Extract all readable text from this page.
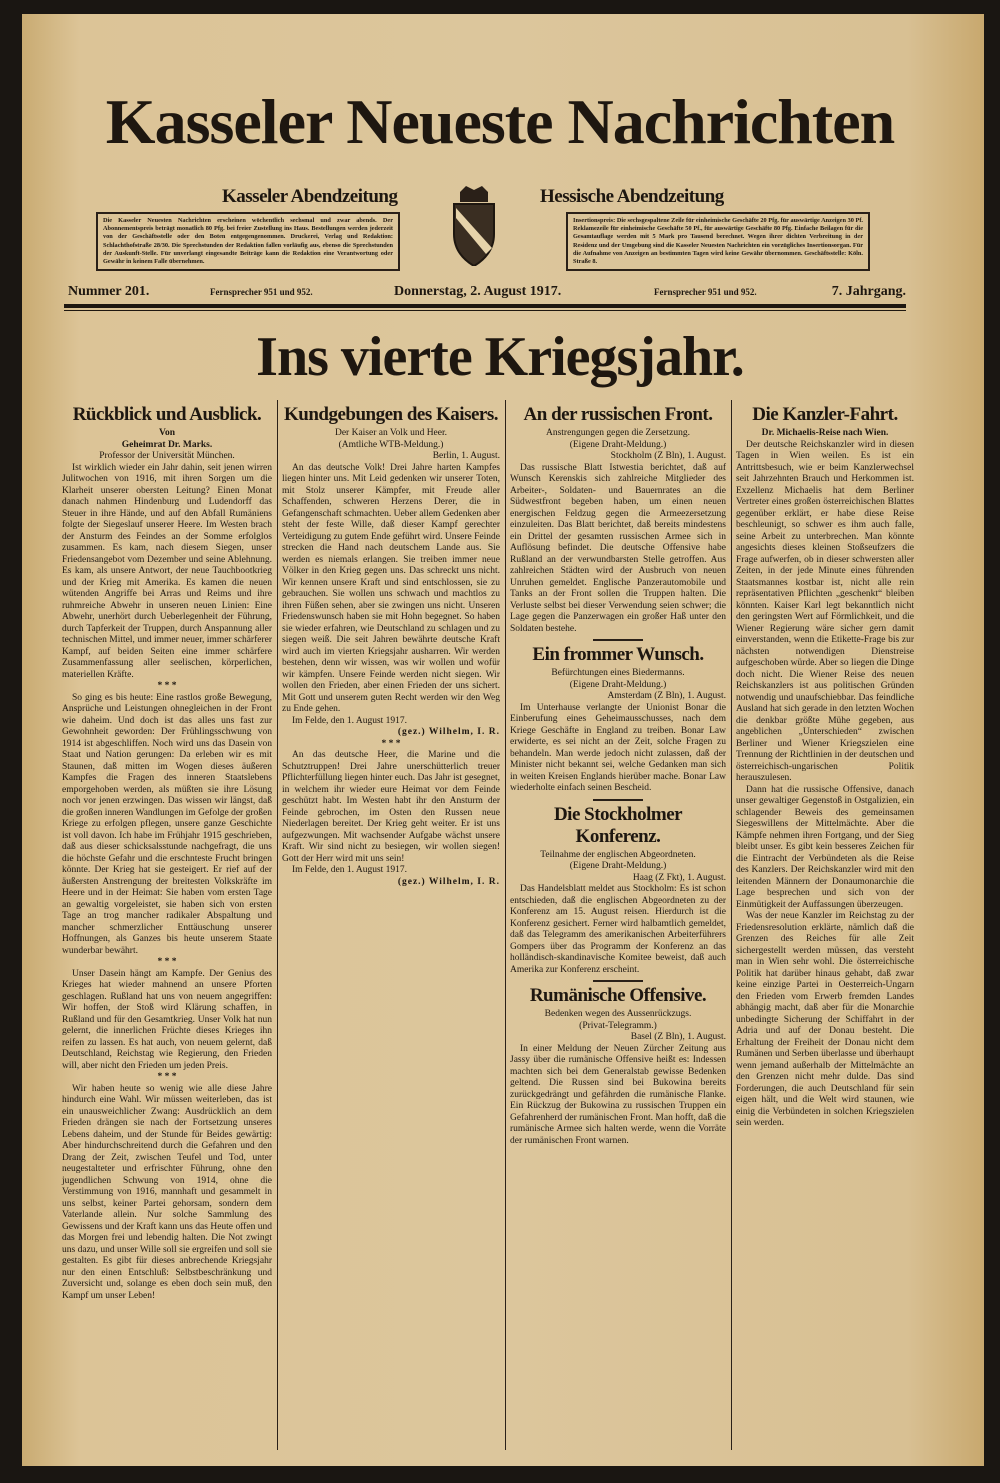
Kasseler Neueste Nachrichten
Kasseler Abendzeitung	Hessische Abendzeitung
Die Kasseler Neuesten Nachrichten erscheinen wöchentlich sechsmal und zwar abends. Der Abonnementspreis beträgt monatlich 80 Pfg. bei freier Zustellung ins Haus. Bestellungen werden jederzeit von der Geschäftsstelle oder den Boten entgegengenommen. Druckerei, Verlag und Redaktion: Schlachthofstraße 28/30. Die Sprechstunden der Redaktion fallen vorläufig aus, ebenso die Sprechstunden der Auskunft-Stelle. Für unverlangt eingesandte Beiträge kann die Redaktion eine Verantwortung oder Gewähr in keinem Falle übernehmen.
Insertionspreis: Die sechsgespaltene Zeile für einheimische Geschäfte 20 Pfg. für auswärtige Anzeigen 30 Pf. Reklamezeile für einheimische Geschäfte 50 Pf., für auswärtige Geschäfte 80 Pfg. Einfache Beilagen für die Gesamtauflage werden mit 5 Mark pro Tausend berechnet. Wegen ihrer dichten Verbreitung in der Residenz und der Umgebung sind die Kasseler Neuesten Nachrichten ein vorzügliches Insertionsorgan. Für die Aufnahme von Anzeigen an bestimmten Tagen wird keine Gewähr übernommen. Geschäftsstelle: Köln. Straße 8.
Nummer 201.	Fernsprecher 951 und 952.	Donnerstag, 2. August 1917.	Fernsprecher 951 und 952.	7. Jahrgang.
Ins vierte Kriegsjahr.
Rückblick und Ausblick.
Von
Geheimrat Dr. Marks.
Professor der Universität München.

Ist wirklich wieder ein Jahr dahin, seit jenen wirren Julitwochen von 1916, mit ihren Sorgen um die Klarheit unserer obersten Leitung? Einen Monat danach nahmen Hindenburg und Ludendorff das Steuer in ihre Hände, und auf den Abfall Rumäniens folgte der Siegeslauf unserer Heere. Im Westen brach der Ansturm des Feindes an der Somme erfolglos zusammen. Es kam, nach diesem Siegen, unser Friedensangebot vom Dezember und seine Ablehnung. Es kam, als unsere Antwort, der neue Tauchbootkrieg und der Krieg mit Amerika. Es kamen die neuen wütenden Angriffe bei Arras und Reims und ihre ruhmreiche Abwehr in unseren neuen Linien: Eine Abwehr, unerhört durch Ueberlegenheit der Führung, durch Tapferkeit der Truppen, durch Anspannung aller technischen Mittel, und immer neuer, immer schärferer Kampf, auf beiden Seiten eine immer schärfere Zusammenfassung aller seelischen, körperlichen, materiellen Kräfte.

* * *

So ging es bis heute: Eine rastlos große Bewegung, Ansprüche und Leistungen ohnegleichen in der Front wie daheim. Und doch ist das alles uns fast zur Gewohnheit geworden: Der Frühlingsschwung von 1914 ist abgeschliffen. Noch wird uns das Dasein von Staat und Nation gerungen: Da erleben wir es mit Staunen, daß mitten im Wogen dieses äußeren Kampfes die Fragen des inneren Staatslebens emporgehoben werden, als müßten sie ihre Lösung noch vor jenen erzwingen. Das wissen wir längst, daß die großen inneren Wandlungen im Gefolge der großen Kriege zu erfolgen pflegen, unsere ganze Geschichte ist voll davon. Ich habe im Frühjahr 1915 geschrieben, daß aus dieser schicksalsstunde nachgefragt, die uns die höchste Gefahr und die erschnteste Frucht bringen könnte. Der Krieg hat sie gesteigert. Er rief auf der äußersten Anstrengung der breitesten Volkskräfte im Heere und in der Heimat: Sie haben vom ersten Tage an gewaltig vorgeleistet, sie haben sich von ersten Tage an trog mancher radikaler Abspaltung und mancher schmerzlicher Enttäuschung unserer Hoffnungen, als Ganzes bis heute unserem Staate wunderbar bewährt.

* * *

Unser Dasein hängt am Kampfe. Der Genius des Krieges hat wieder mahnend an unsere Pforten geschlagen. Rußland hat uns von neuem angegriffen: Wir hoffen, der Stoß wird Klärung schaffen, in Rußland und für den Gesamtkrieg. Unser Volk hat nun gelernt, die innerlichen Früchte dieses Krieges ihn reifen zu lassen. Es hat auch, von neuem gelernt, daß Deutschland, Reichstag wie Regierung, den Frieden will, aber nicht den Frieden um jeden Preis.

* * *

Wir haben heute so wenig wie alle diese Jahre hindurch eine Wahl. Wir müssen weiterleben, das ist ein unausweichlicher Zwang: Ausdrücklich an dem Frieden drängen sie nach der Fortsetzung unseres Lebens daheim, und der Stunde für Beides gewärtig: Aber hindurchschreitend durch die Gefahren und den Drang der Zeit, zwischen Teufel und Tod, unter neugestalteter und erfrischter Führung, ohne den jugendlichen Schwung von 1914, ohne die Verstimmung von 1916, mannhaft und gesammelt in uns selbst, keiner Partei gehorsam, sondern dem Vaterlande allein. Nur solche Sammlung des Gewissens und der Kraft kann uns das Heute offen und das Morgen frei und lebendig halten. Die Not zwingt uns dazu, und unser Wille soll sie ergreifen und soll sie gestalten. Es gibt für dieses anbrechende Kriegsjahr nur den einen Entschluß: Selbstbeschränkung und Zuversicht und, solange es eben doch sein muß, den Kampf um unser Leben!

Kundgebungen des Kaisers.
Der Kaiser an Volk und Heer.
(Amtliche WTB-Meldung.)
Berlin, 1. August.

An das deutsche Volk! Drei Jahre harten Kampfes liegen hinter uns. Mit Leid gedenken wir unserer Toten, mit Stolz unserer Kämpfer, mit Freude aller Schaffenden, schweren Herzens Derer, die in Gefangenschaft schmachten. Ueber allem Gedenken aber steht der feste Wille, daß dieser Kampf gerechter Verteidigung zu gutem Ende geführt wird. Unsere Feinde strecken die Hand nach deutschem Lande aus. Sie werden es niemals erlangen. Sie treiben immer neue Völker in den Krieg gegen uns. Das schreckt uns nicht. Wir kennen unsere Kraft und sind entschlossen, sie zu gebrauchen. Sie wollen uns schwach und machtlos zu ihren Füßen sehen, aber sie zwingen uns nicht. Unseren Friedenswunsch haben sie mit Hohn begegnet. So haben sie wieder erfahren, wie Deutschland zu schlagen und zu siegen weiß. Die seit Jahren bewährte deutsche Kraft wird auch im vierten Kriegsjahr ausharren. Wir werden bestehen, denn wir wissen, was wir wollen und wofür wir kämpfen. Unsere Feinde werden nicht siegen. Wir wollen den Frieden, aber einen Frieden der uns sichert. Mit Gott und unserem guten Recht werden wir den Weg zu Ende gehen.

Im Felde, den 1. August 1917.

(gez.) Wilhelm, I. R.
* * *

An das deutsche Heer, die Marine und die Schutztruppen! Drei Jahre unerschütterlich treuer Pflichterfüllung liegen hinter euch. Das Jahr ist gesegnet, in welchem ihr wieder eure Heimat vor dem Feinde geschützt habt. Im Westen habt ihr den Ansturm der Feinde gebrochen, im Osten den Russen neue Niederlagen bereitet. Der Krieg geht weiter. Er ist uns aufgezwungen. Mit wachsender Aufgabe wächst unsere Kraft. Wir sind nicht zu besiegen, wir wollen siegen! Gott der Herr wird mit uns sein!

Im Felde, den 1. August 1917.

(gez.) Wilhelm, I. R.
An der russischen Front.
Anstrengungen gegen die Zersetzung.
(Eigene Draht-Meldung.)
Stockholm (Z Bln), 1. August.

Das russische Blatt Istwestia berichtet, daß auf Wunsch Kerenskis sich zahlreiche Mitglieder des Arbeiter-, Soldaten- und Bauernrates an die Südwestfront begeben haben, um einen neuen energischen Feldzug gegen die Armeezersetzung einzuleiten. Das Blatt berichtet, daß bereits mindestens ein Drittel der gesamten russischen Armee sich in Auflösung befindet. Die deutsche Offensive habe Rußland an der verwundbarsten Stelle getroffen. Aus zahlreichen Städten wird der Ausbruch von neuen Unruhen gemeldet. Englische Panzerautomobile und Tanks an der Front sollen die Truppen halten. Die Verluste selbst bei dieser Verwendung seien schwer; die Lage gegen die Panzerwagen ein großer Haß unter den Soldaten bestehe.

Ein frommer Wunsch.
Befürchtungen eines Biedermanns.
(Eigene Draht-Meldung.)
Amsterdam (Z Bln), 1. August.

Im Unterhause verlangte der Unionist Bonar die Einberufung eines Geheimausschusses, nach dem Kriege Geschäfte in England zu treiben. Bonar Law erwiderte, es sei nicht an der Zeit, solche Fragen zu behandeln. Man werde jedoch nicht zulassen, daß der Minister nicht bekannt sei, welche Gedanken man sich in weiten Kreisen Englands hierüber mache. Bonar Law wiederholte einfach seinen Bescheid.

Die Stockholmer Konferenz.
Teilnahme der englischen Abgeordneten.
(Eigene Draht-Meldung.)
Haag (Z Fkt), 1. August.

Das Handelsblatt meldet aus Stockholm: Es ist schon entschieden, daß die englischen Abgeordneten zu der Konferenz am 15. August reisen. Hierdurch ist die Konferenz gesichert. Ferner wird halbamtlich gemeldet, daß das Telegramm des amerikanischen Arbeiterführers Gompers über das Programm der Konferenz an das holländisch-skandinavische Komitee beweist, daß auch Amerika zur Konferenz erscheint.

Rumänische Offensive.
Bedenken wegen des Aussenrückzugs.
(Privat-Telegramm.)
Basel (Z Bln), 1. August.

In einer Meldung der Neuen Zürcher Zeitung aus Jassy über die rumänische Offensive heißt es: Indessen machten sich bei dem Generalstab gewisse Bedenken geltend. Die Russen sind bei Bukowina bereits zurückgedrängt und gefährden die rumänische Flanke. Ein Rückzug der Bukowina zu russischen Truppen ein Gefahrenherd der rumänischen Front. Man hofft, daß die rumänische Armee sich halten werde, wenn die Vorräte der rumänischen Front warnen.

Die Kanzler-Fahrt.
Dr. Michaelis-Reise nach Wien.

Der deutsche Reichskanzler wird in diesen Tagen in Wien weilen. Es ist ein Antrittsbesuch, wie er beim Kanzlerwechsel seit Jahrzehnten Brauch und Herkommen ist. Exzellenz Michaelis hat dem Berliner Vertreter eines großen österreichischen Blattes gegenüber erklärt, er habe diese Reise beschleunigt, so schwer es ihm auch falle, seine Arbeit zu unterbrechen. Man könnte angesichts dieses kleinen Stoßseufzers die Frage aufwerfen, ob in dieser schwersten aller Zeiten, in der jede Minute eines führenden Staatsmannes kostbar ist, nicht alle rein repräsentativen Pflichten „geschenkt“ bleiben könnten. Kaiser Karl legt bekanntlich nicht den geringsten Wert auf Förmlichkeit, und die Wiener Regierung wäre sicher gern damit einverstanden, wenn die Etikette-Frage bis zur nächsten notwendigen Dienstreise aufgeschoben würde. Aber so liegen die Dinge doch nicht. Die Wiener Reise des neuen Reichskanzlers ist aus politischen Gründen notwendig und unaufschiebbar. Das feindliche Ausland hat sich gerade in den letzten Wochen die denkbar größte Mühe gegeben, aus angeblichen „Unterschieden“ zwischen Berliner und Wiener Kriegszielen eine Trennung der Richtlinien in der deutschen und österreichisch-ungarischen Politik herauszulesen.

Dann hat die russische Offensive, danach unser gewaltiger Gegenstoß in Ostgalizien, ein schlagender Beweis des gemeinsamen Siegeswillens der Mittelmächte. Aber die Kämpfe nehmen ihren Fortgang, und der Sieg bleibt unser. Es gibt kein besseres Zeichen für die Eintracht der Verbündeten als die Reise des Kanzlers. Der Reichskanzler wird mit den leitenden Männern der Donaumonarchie die Lage besprechen und sich von der Einmütigkeit der Auffassungen überzeugen.

Was der neue Kanzler im Reichstag zu der Friedensresolution erklärte, nämlich daß die Grenzen des Reiches für alle Zeit sichergestellt werden müssen, das versteht man in Wien sehr wohl. Die österreichische Politik hat darüber hinaus gehabt, daß zwar keine einzige Partei in Oesterreich-Ungarn den Frieden vom Erwerb fremden Landes abhängig macht, daß aber für die Monarchie unbedingte Sicherung der Schiffahrt in der Adria und auf der Donau besteht. Die Erhaltung der Freiheit der Donau nicht dem Rumänen und Serben überlasse und überhaupt wenn jemand außerhalb der Mittelmächte an den Grenzen nicht mehr dulde. Das sind Forderungen, die auch Deutschland für sein eigen hält, und die Welt wird staunen, wie einig die Verbündeten in solchen Kriegszielen sein werden.
